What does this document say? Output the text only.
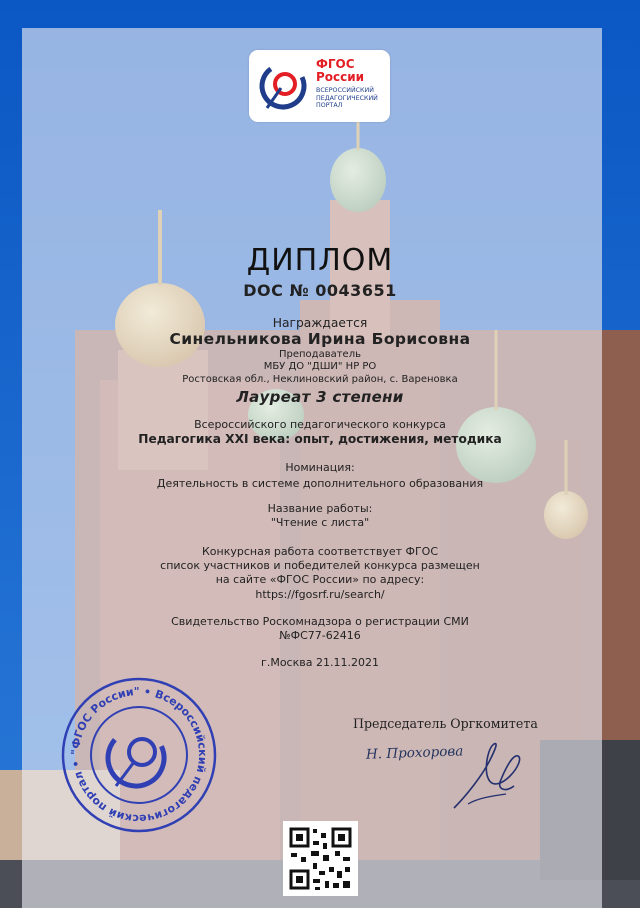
ФГОС
России
ВСЕРОССИЙСКИЙ
ПЕДАГОГИЧЕСКИЙ
ПОРТАЛ
ДИПЛОМ
DOC № 0043651
Награждается
Синельникова Ирина Борисовна
Преподаватель
МБУ ДО "ДШИ" НР РО
Ростовская обл., Неклиновский район, с. Вареновка
Лауреат 3 степени
Всероссийского педагогического конкурса
Педагогика XXI века: опыт, достижения, методика
Номинация:
Деятельность в системе дополнительного образования
Название работы:
"Чтение с листа"
Конкурсная работа соответствует ФГОС
список участников и победителей конкурса размещен
на сайте «ФГОС России» по адресу:
https://fgosrf.ru/search/
Свидетельство Роскомнадзора о регистрации СМИ
№ФС77-62416
г.Москва 21.11.2021
"ФГОС России" • Всероссийский педагогический портал •
Председатель Оргкомитета
Н. Прохорова
